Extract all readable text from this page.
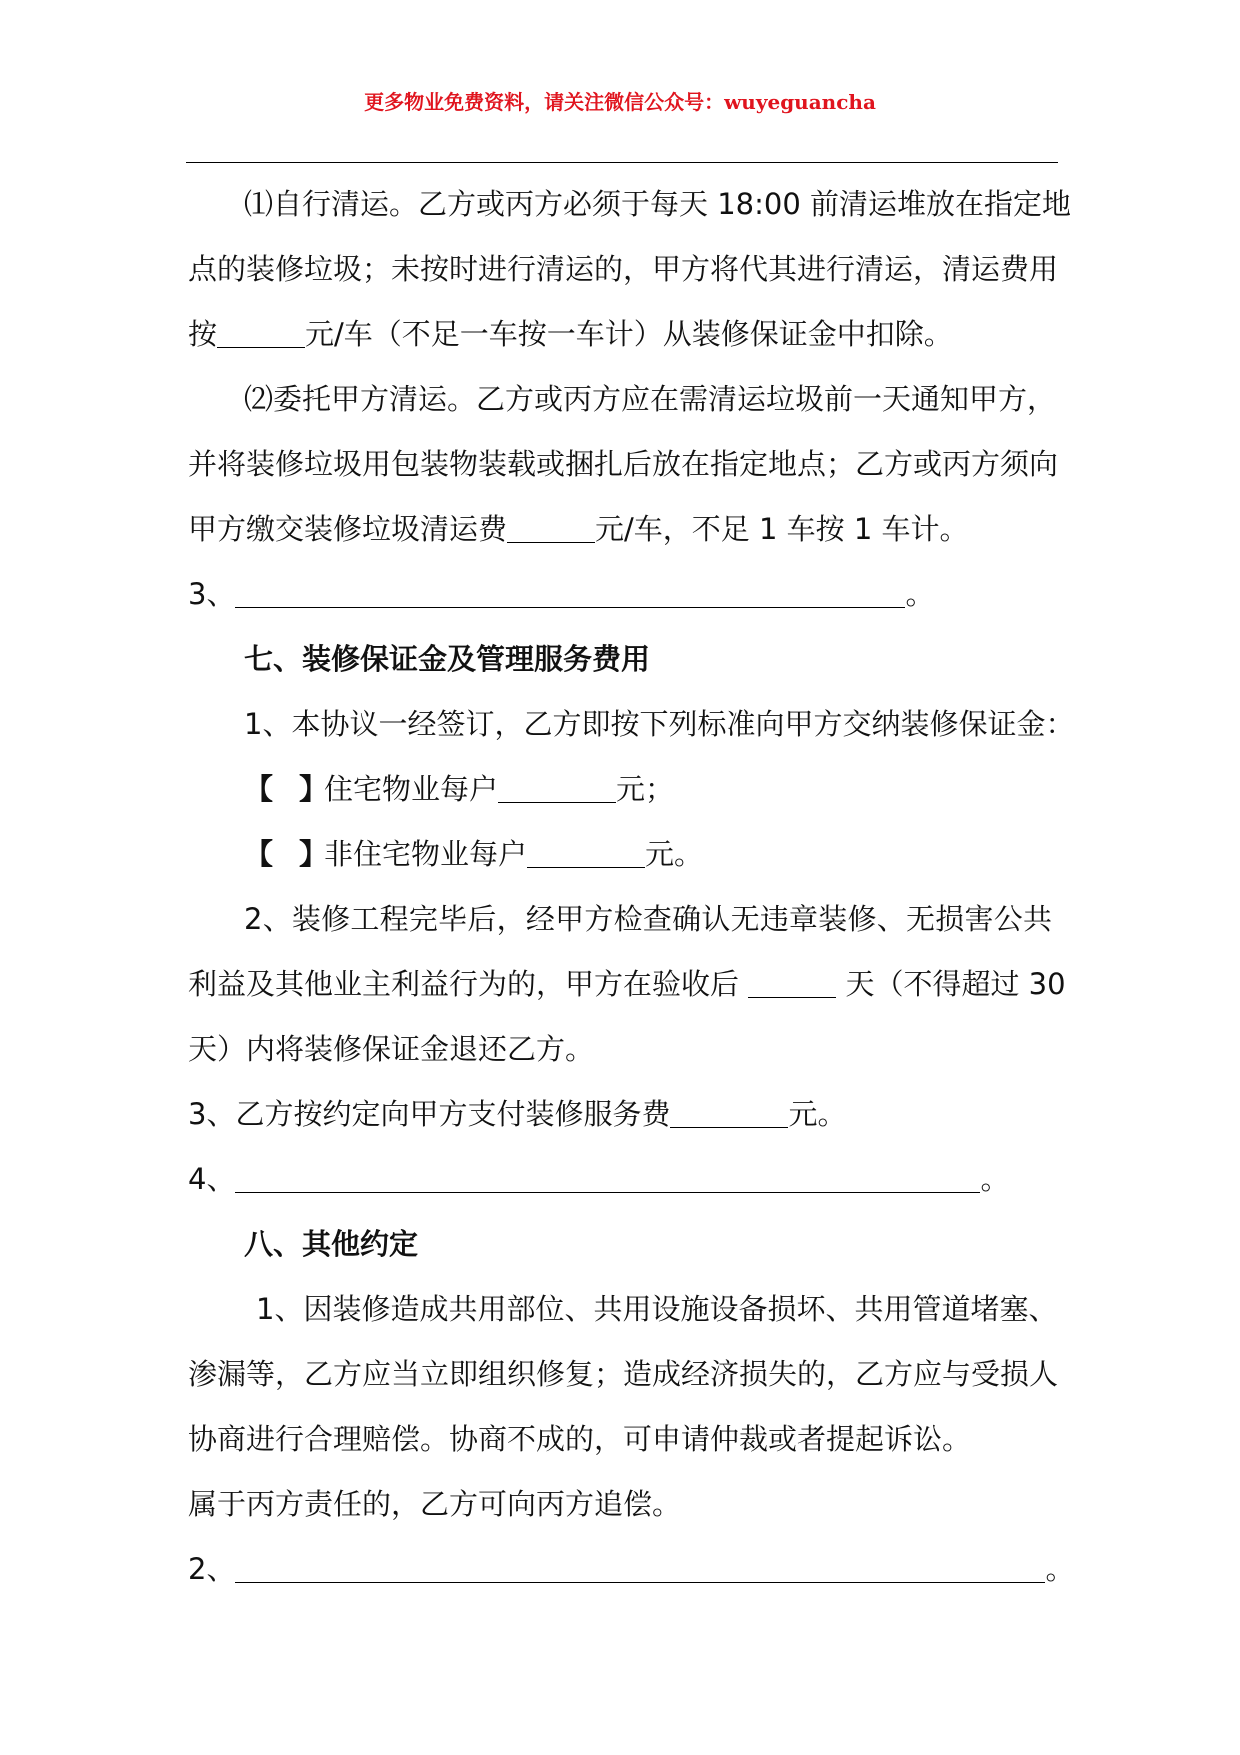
更多物业免费资料，请关注微信公众号：wuyeguancha
⑴自行清运。乙方或丙方必须于每天 18:00 前清运堆放在指定地
点的装修垃圾；未按时进行清运的，甲方将代其进行清运，清运费用
按	元/车（不足一车按一车计）从装修保证金中扣除。
⑵委托甲方清运。乙方或丙方应在需清运垃圾前一天通知甲方，
并将装修垃圾用包装物装载或捆扎后放在指定地点；乙方或丙方须向
甲方缴交装修垃圾清运费	元/车，不足 1 车按 1 车计。
3、	。
七、装修保证金及管理服务费用
1、本协议一经签订，乙方即按下列标准向甲方交纳装修保证金：
【 】住宅物业每户	元；
【 】非住宅物业每户	元。
2、装修工程完毕后，经甲方检查确认无违章装修、无损害公共
利益及其他业主利益行为的，甲方在验收后	天（不得超过 30
天）内将装修保证金退还乙方。
3、乙方按约定向甲方支付装修服务费	元。
4、	。
八、其他约定
1、因装修造成共用部位、共用设施设备损坏、共用管道堵塞、
渗漏等，乙方应当立即组织修复；造成经济损失的，乙方应与受损人
协商进行合理赔偿。协商不成的，可申请仲裁或者提起诉讼。
属于丙方责任的，乙方可向丙方追偿。
2、	。
